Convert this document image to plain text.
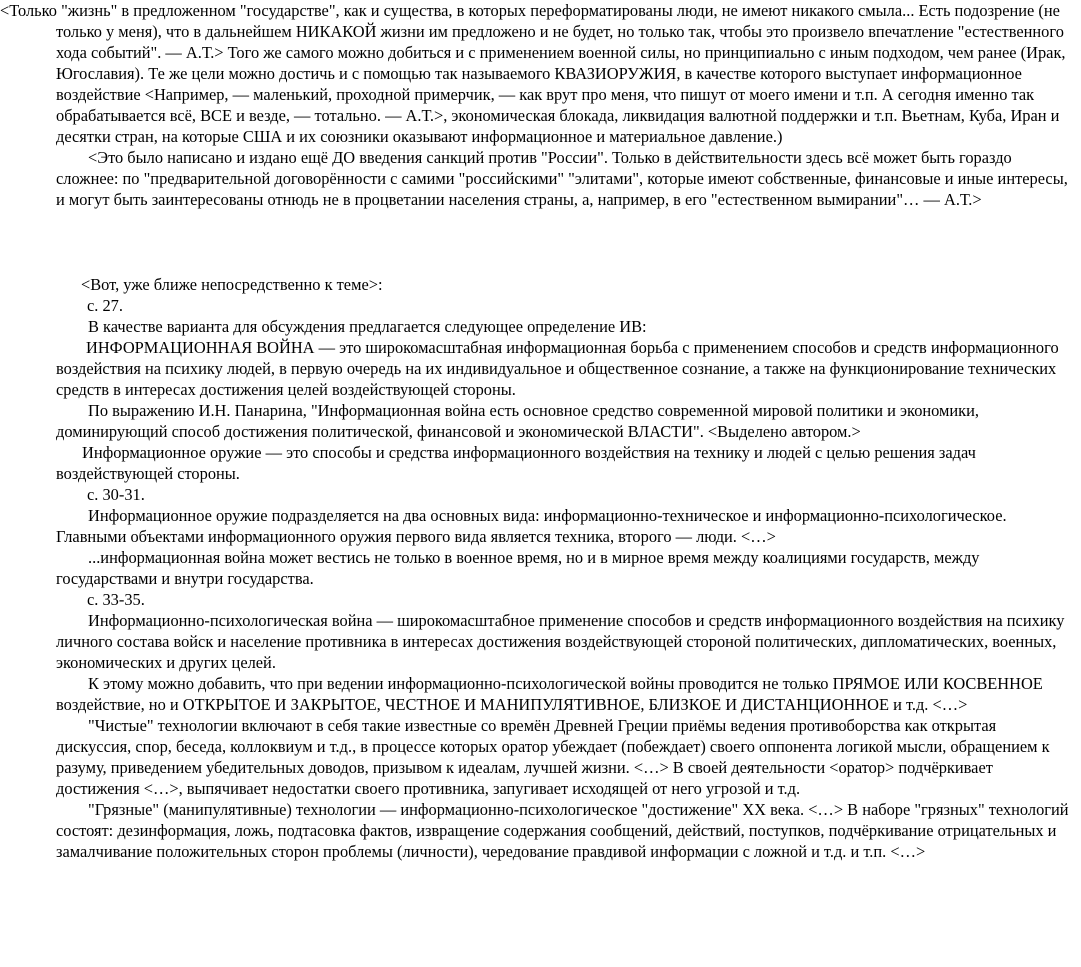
<Только "жизнь" в предложенном "государстве", как и существа, в которых переформатированы люди, не имеют никакого смыла... Есть подозрение (не только у меня), что в дальнейшем НИКАКОЙ жизни им предложено и не будет, но только так, чтобы это произвело впечатление "естественного хода событий". — А.Т.> Того же самого можно добиться и с применением военной силы, но принципиально с иным подходом, чем ранее (Ирак, Югославия). Те же цели можно достичь и с помощью так называемого КВАЗИОРУЖИЯ, в качестве которого выступает информационное воздействие <Например, — маленький, проходной примерчик, — как врут про меня, что пишут от моего имени и т.п. А сегодня именно так обрабатывается всё, ВСЕ и везде, — тотально. — А.Т.>, экономическая блокада, ликвидация валютной поддержки и т.п. Вьетнам, Куба, Иран и десятки стран, на которые США и их союзники оказывают информационное и материальное давление.)

<Это было написано и издано ещё ДО введения санкций против "России". Только в действительности здесь всё может быть гораздо сложнее: по "предварительной договорённости с самими "российскими" "элитами", которые имеют собственные, финансовые и иные интересы, и могут быть заинтересованы отнюдь не в процветании населения страны, а, например, в его "естественном вымирании"… — А.Т.>

<Вот, уже ближе непосредственно к теме>:

с. 27.

В качестве варианта для обсуждения предлагается следующее определение ИВ:

ИНФОРМАЦИОННАЯ ВОЙНА — это широкомасштабная информационная борьба с применением способов и средств информационного воздействия на психику людей, в первую очередь на их индивидуальное и общественное сознание, а также на функционирование технических средств в интересах достижения целей воздействующей стороны.

По выражению И.Н. Панарина, "Информационная война есть основное средство современной мировой политики и экономики, доминирующий способ достижения политической, финансовой и экономической ВЛАСТИ". <Выделено автором.>

Информационное оружие — это способы и средства информационного воздействия на технику и людей с целью решения задач воздействующей стороны.

с. 30-31.

Информационное оружие подразделяется на два основных вида: информационно-техническое и информационно-психологическое. Главными объектами информационного оружия первого вида является техника, второго — люди. <…>

...информационная война может вестись не только в военное время, но и в мирное время между коалициями государств, между государствами и внутри государства.

с. 33-35.

Информационно-психологическая война — широкомасштабное применение способов и средств информационного воздействия на психику личного состава войск и население противника в интересах достижения воздействующей стороной политических, дипломатических, военных, экономических и других целей.

К этому можно добавить, что при ведении информационно-психологической войны проводится не только ПРЯМОЕ ИЛИ КОСВЕННОЕ воздействие, но и ОТКРЫТОЕ И ЗАКРЫТОЕ, ЧЕСТНОЕ И МАНИПУЛЯТИВНОЕ, БЛИЗКОЕ И ДИСТАНЦИОННОЕ и т.д. <…>

"Чистые" технологии включают в себя такие известные со времён Древней Греции приёмы ведения противоборства как открытая дискуссия, спор, беседа, коллоквиум и т.д., в процессе которых оратор убеждает (побеждает) своего оппонента логикой мысли, обращением к разуму, приведением убедительных доводов, призывом к идеалам, лучшей жизни. <…> В своей деятельности <оратор> подчёркивает достижения <…>, выпячивает недостатки своего противника, запугивает исходящей от него угрозой и т.д.

"Грязные" (манипулятивные) технологии — информационно-психологическое "достижение" XX века. <…> В наборе "грязных" технологий состоят: дезинформация, ложь, подтасовка фактов, извращение содержания сообщений, действий, поступков, подчёркивание отрицательных и замалчивание положительных сторон проблемы (личности), чередование правдивой информации с ложной и т.д. и т.п. <…>
